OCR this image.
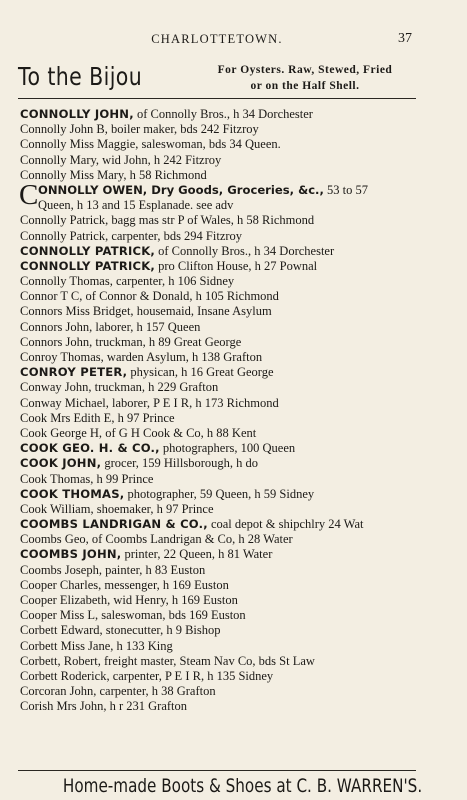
CHARLOTTETOWN.	37
To the Bijou	For Oysters. Raw, Stewed, Fried
or on the Half Shell.
CONNOLLY JOHN, of Connolly Bros., h 34 Dorchester
Connolly John B, boiler maker, bds 242 Fitzroy
Connolly Miss Maggie, saleswoman, bds 34 Queen.
Connolly Mary, wid John, h 242 Fitzroy
Connolly Miss Mary, h 58 Richmond
C ONNOLLY OWEN, Dry Goods, Groceries, &c., 53 to 57
Queen, h 13 and 15 Esplanade. see adv
Connolly Patrick, bagg mas str P of Wales, h 58 Richmond
Connolly Patrick, carpenter, bds 294 Fitzroy
CONNOLLY PATRICK, of Connolly Bros., h 34 Dorchester
CONNOLLY PATRICK, pro Clifton House, h 27 Pownal
Connolly Thomas, carpenter, h 106 Sidney
Connor T C, of Connor & Donald, h 105 Richmond
Connors Miss Bridget, housemaid, Insane Asylum
Connors John, laborer, h 157 Queen
Connors John, truckman, h 89 Great George
Conroy Thomas, warden Asylum, h 138 Grafton
CONROY PETER, physican, h 16 Great George
Conway John, truckman, h 229 Grafton
Conway Michael, laborer, P E I R, h 173 Richmond
Cook Mrs Edith E, h 97 Prince
Cook George H, of G H Cook & Co, h 88 Kent
COOK GEO. H. & CO., photographers, 100 Queen
COOK JOHN, grocer, 159 Hillsborough, h do
Cook Thomas, h 99 Prince
COOK THOMAS, photographer, 59 Queen, h 59 Sidney
Cook William, shoemaker, h 97 Prince
COOMBS LANDRIGAN & CO., coal depot & shipchlry 24 Wat
Coombs Geo, of Coombs Landrigan & Co, h 28 Water
COOMBS JOHN, printer, 22 Queen, h 81 Water
Coombs Joseph, painter, h 83 Euston
Cooper Charles, messenger, h 169 Euston
Cooper Elizabeth, wid Henry, h 169 Euston
Cooper Miss L, saleswoman, bds 169 Euston
Corbett Edward, stonecutter, h 9 Bishop
Corbett Miss Jane, h 133 King
Corbett, Robert, freight master, Steam Nav Co, bds St Law
Corbett Roderick, carpenter, P E I R, h 135 Sidney
Corcoran John, carpenter, h 38 Grafton
Corish Mrs John, h r 231 Grafton
Home-made Boots & Shoes at C. B. WARREN'S.
